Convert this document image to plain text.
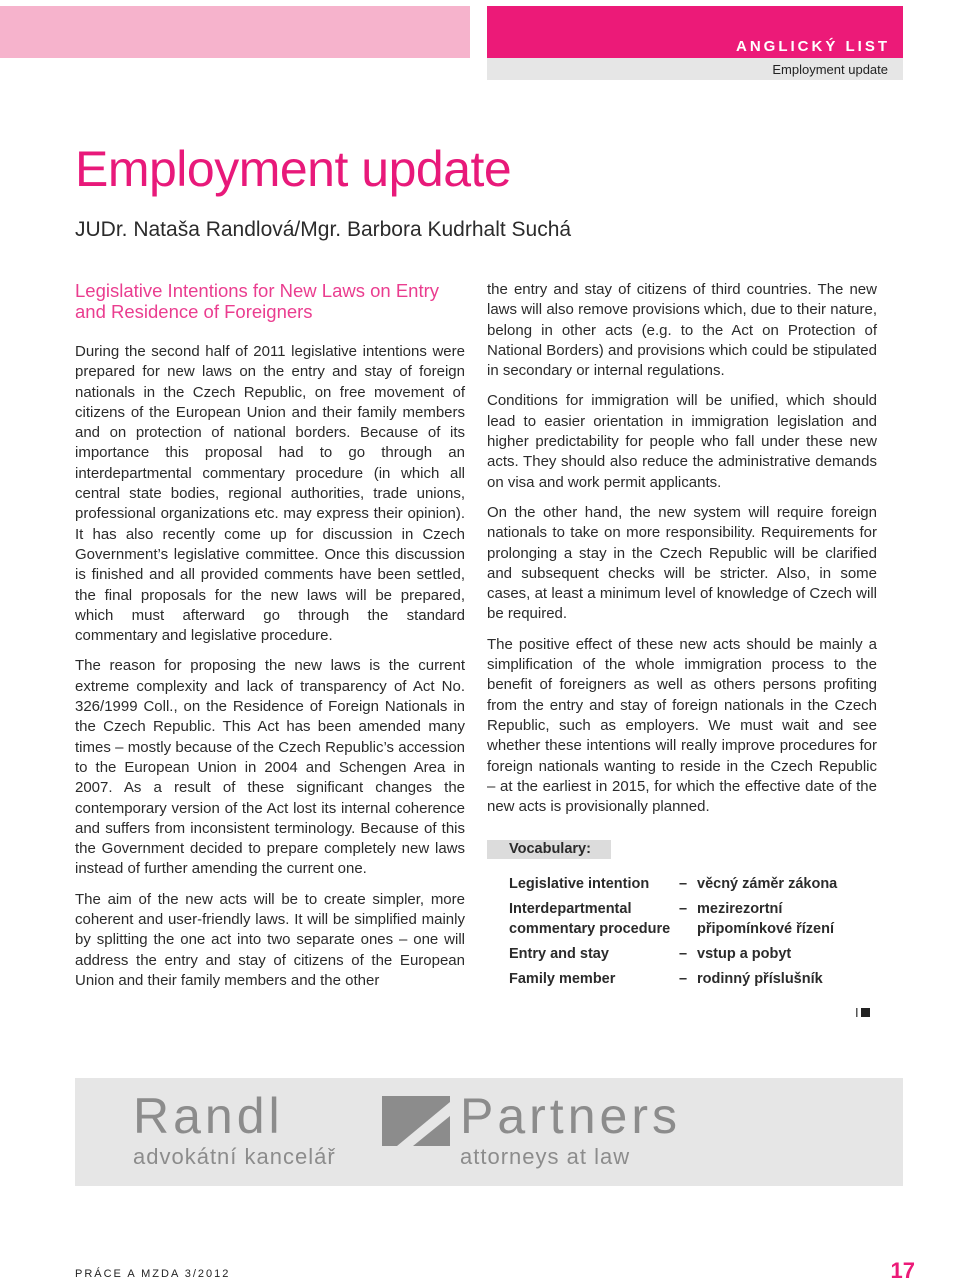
ANGLICKÝ LIST
Employment update
Employment update
JUDr. Nataša Randlová/Mgr. Barbora Kudrhalt Suchá
Legislative Intentions for New Laws on Entry and Residence of Foreigners

During the second half of 2011 legislative intentions were prepared for new laws on the entry and stay of foreign nationals in the Czech Republic, on free movement of citizens of the European Union and their family members and on protection of national borders. Because of its importance this proposal had to go through an interdepartmental commentary procedure (in which all central state bodies, regional authorities, trade unions, professional organizations etc. may express their opinion). It has also recently come up for discussion in Czech Government’s legislative committee. Once this discussion is finished and all provided comments have been settled, the final proposals for the new laws will be prepared, which must afterward go through the standard commentary and legislative procedure.

The reason for proposing the new laws is the current extreme complexity and lack of transparency of Act No. 326/1999 Coll., on the Residence of Foreign Nationals in the Czech Republic. This Act has been amended many times – mostly because of the Czech Republic’s accession to the European Union in 2004 and Schengen Area in 2007. As a result of these significant changes the contemporary version of the Act lost its internal coherence and suffers from inconsistent terminology. Because of this the Government decided to prepare completely new laws instead of further amending the current one.

The aim of the new acts will be to create simpler, more coherent and user-friendly laws. It will be simplified mainly by splitting the one act into two separate ones – one will address the entry and stay of citizens of the European Union and their family members and the other

the entry and stay of citizens of third countries. The new laws will also remove provisions which, due to their nature, belong in other acts (e.g. to the Act on Protection of National Borders) and provisions which could be stipulated in secondary or internal regulations.

Conditions for immigration will be unified, which should lead to easier orientation in immigration legislation and higher predictability for people who fall under these new acts. They should also reduce the administrative demands on visa and work permit applicants.

On the other hand, the new system will require foreign nationals to take on more responsibility. Requirements for prolonging a stay in the Czech Republic will be clarified and subsequent checks will be stricter. Also, in some cases, at least a minimum level of knowledge of Czech will be required.

The positive effect of these new acts should be mainly a simplification of the whole immigration process to the benefit of foreigners as well as others persons profiting from the entry and stay of foreign nationals in the Czech Republic, such as employers. We must wait and see whether these intentions will really improve procedures for foreign nationals wanting to reside in the Czech Republic – at the earliest in 2015, for which the effective date of the new acts is provisionally planned.

Vocabulary:
Legislative intention	– věcný záměr zákona
Interdepartmental commentary procedure
– mezirezortní připomínkové řízení
Entry and stay	– vstup a pobyt
Family member	– rodinný příslušník
I
Randl	Partners
advokátní kancelář	attorneys at law
PRÁCE A MZDA 3/2012	17
